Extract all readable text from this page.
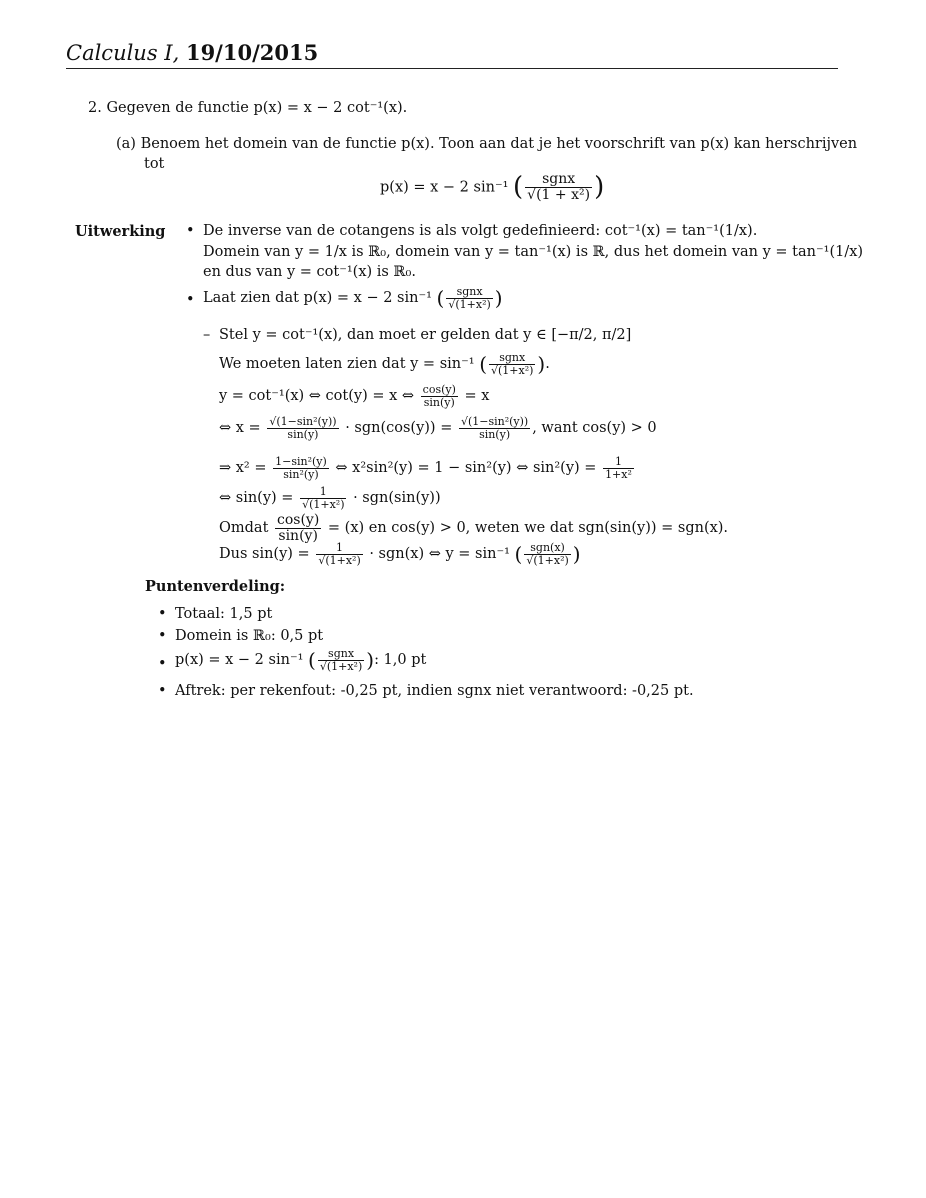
Calculus I, 19/10/2015
2. Gegeven de functie p(x) = x − 2 cot⁻¹(x).
(a) Benoem het domein van de functie p(x). Toon aan dat je het voorschrift van p(x) kan herschrijven
tot
p(x) = x − 2 sin⁻¹ ( $\frac{\text{sgnx}}{\text{√(1 + x²)}}$ )
Uitwerking • De inverse van de cotangens is als volgt gedefinieerd: cot⁻¹(x) = tan⁻¹(1/x).
Domein van y = 1/x is ℝ₀, domein van y = tan⁻¹(x) is ℝ, dus het domein van y = tan⁻¹(1/x)
en dus van y = cot⁻¹(x) is ℝ₀.
• Laat zien dat p(x) = x − 2 sin⁻¹ ( $\frac{\text{sgnx}}{\text{√(1+x²)}}$ )
– Stel y = cot⁻¹(x), dan moet er gelden dat y ∈ [−π/2, π/2]
We moeten laten zien dat y = sin⁻¹ ( $\frac{\text{sgnx}}{\text{√(1+x²)}}$ ).
y = cot⁻¹(x) ⇔ cot(y) = x ⇔ $\frac{\cos(y)}{\sin(y)} = x$
⇔ $x = \frac{\text{√(1−sin²(y))}}{\sin(y)} \cdot sgn(\cos(y)) = \frac{\text{√(1−sin²(y))}}{\sin(y)}$ , want cos(y) > 0
⇒ $x^2 = \frac{\text{1−sin²(y)}}{\text{sin²(y)}}$ ⇔ x²sin²(y) = 1 − sin²(y) ⇔ $\sin^2(y) = \frac{1}{\text{1+x²}}$
⇔ $\sin(y) = \frac{1}{\text{√(1+x²)}} \cdot sgn(\sin(y))$
Omdat $\frac{\cos(y)}{\sin(y)} = (x)$ en cos(y) > 0, weten we dat sgn(sin(y)) = sgn(x).
Dus $\sin(y) = \frac{1}{\text{√(1+x²)}} \cdot sgn(x)$ ⇔ y = sin⁻¹ ( $\frac{\text{sgn(x)}}{\text{√(1+x²)}}$ )
Puntenverdeling:
• Totaal: 1,5 pt
• Domein is ℝ₀: 0,5 pt
• p(x) = x − 2 sin⁻¹ ( $\frac{\text{sgnx}}{\text{√(1+x²)}}$ ): 1,0 pt
• Aftrek: per rekenfout: -0,25 pt, indien sgnx niet verantwoord: -0,25 pt.
